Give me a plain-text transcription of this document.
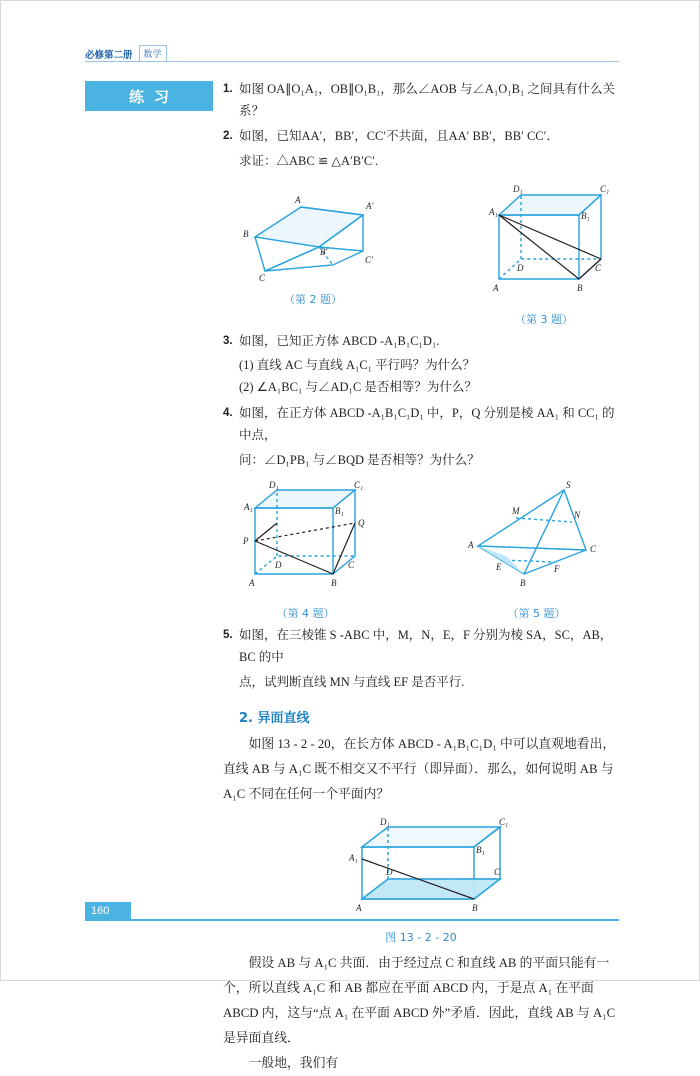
必修第二册	数学
练习	1. 如图 OA∥O₁A₁，OB∥O₁B₁，那么∠AOB 与∠A₁O₁B₁ 之间具有什么关系？
2. 如图，已知AA′，BB′，CC′不共面，且AA′ BB′，BB′ CC′．
求证：△ABC ≌ △A′B′C′.
A
A′
B
B′
C
C′
（第 2 题）
D₁	C₁
A₁	B₁
D	C
A	B
（第 3 题）
3. 如图，已知正方体 ABCD -A₁B₁C₁D₁.
(1) 直线 AC 与直线 A₁C₁ 平行吗？为什么？
(2) ∠A₁BC₁ 与∠AD₁C 是否相等？为什么？
4. 如图，在正方体 ABCD -A₁B₁C₁D₁ 中，P，Q 分别是棱 AA₁ 和 CC₁ 的中点，
问：∠D₁PB₁ 与∠BQD 是否相等？为什么？
D₁	C₁
A₁	B₁
P
Q
D	C
A	B
（第 4 题）
S
M	N
A	C
E	F
B
（第 5 题）
5. 如图，在三棱锥 S -ABC 中，M，N，E，F 分别为棱 SA，SC，AB，BC 的中
点，试判断直线 MN 与直线 EF 是否平行.
2. 异面直线
如图 13 - 2 - 20，在长方体 ABCD - A₁B₁C₁D₁ 中可以直观地看出，直线 AB 与 A₁C 既不相交又不平行（即异面）．那么，如何说明 AB 与 A₁C 不同在任何一个平面内？
D₁	C₁
A₁
B₁
D	C
A	B
图 13 - 2 - 20
假设 AB 与 A₁C 共面．由于经过点 C 和直线 AB 的平面只能有一个，所以直线 A₁C 和 AB 都应在平面 ABCD 内，于是点 A₁ 在平面 ABCD 内，这与“点 A₁ 在平面 ABCD 外”矛盾．因此，直线 AB 与 A₁C 是异面直线．
一般地，我们有
160
